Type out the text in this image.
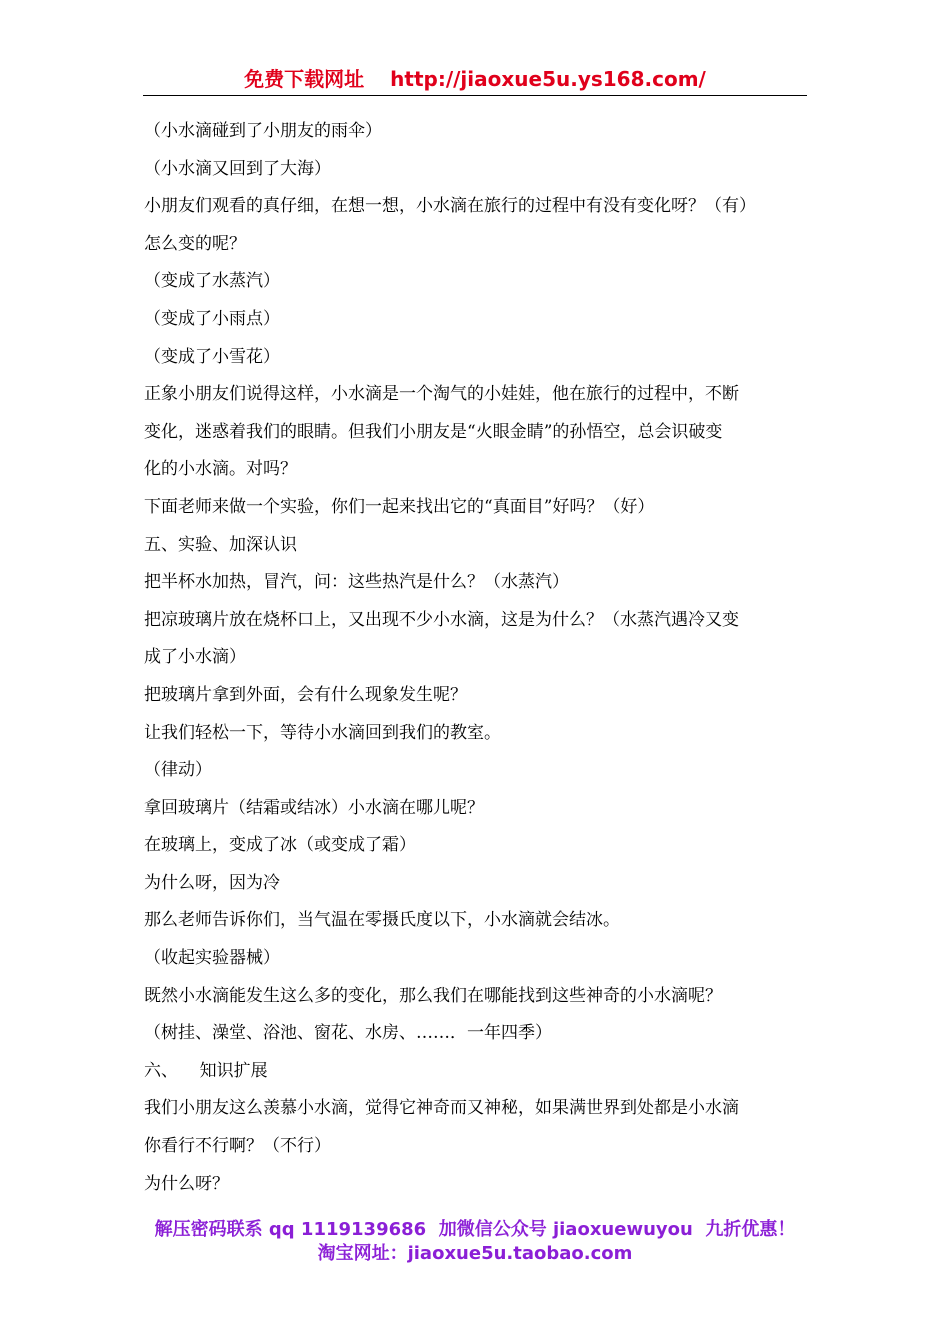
免费下载网址 http://jiaoxue5u.ys168.com/
（小水滴碰到了小朋友的雨伞）
（小水滴又回到了大海）
小朋友们观看的真仔细，在想一想，小水滴在旅行的过程中有没有变化呀？（有）
怎么变的呢？
（变成了水蒸汽）
（变成了小雨点）
（变成了小雪花）
正象小朋友们说得这样，小水滴是一个淘气的小娃娃，他在旅行的过程中，不断
变化，迷惑着我们的眼睛。但我们小朋友是“火眼金睛”的孙悟空，总会识破变
化的小水滴。对吗？
下面老师来做一个实验，你们一起来找出它的“真面目”好吗？（好）
五、实验、加深认识
把半杯水加热，冒汽，问：这些热汽是什么？（水蒸汽）
把凉玻璃片放在烧杯口上，又出现不少小水滴，这是为什么？（水蒸汽遇冷又变
成了小水滴）
把玻璃片拿到外面，会有什么现象发生呢？
让我们轻松一下，等待小水滴回到我们的教室。
（律动）
拿回玻璃片（结霜或结冰）小水滴在哪儿呢？
在玻璃上，变成了冰（或变成了霜）
为什么呀，因为冷
那么老师告诉你们，当气温在零摄氏度以下，小水滴就会结冰。
（收起实验器械）
既然小水滴能发生这么多的变化，那么我们在哪能找到这些神奇的小水滴呢？
（树挂、澡堂、浴池、窗花、水房、……．一年四季）
六、    知识扩展
我们小朋友这么羡慕小水滴，觉得它神奇而又神秘，如果满世界到处都是小水滴
你看行不行啊？（不行）
为什么呀？
解压密码联系 qq 1119139686  加微信公众号 jiaoxuewuyou  九折优惠！
淘宝网址：jiaoxue5u.taobao.com
